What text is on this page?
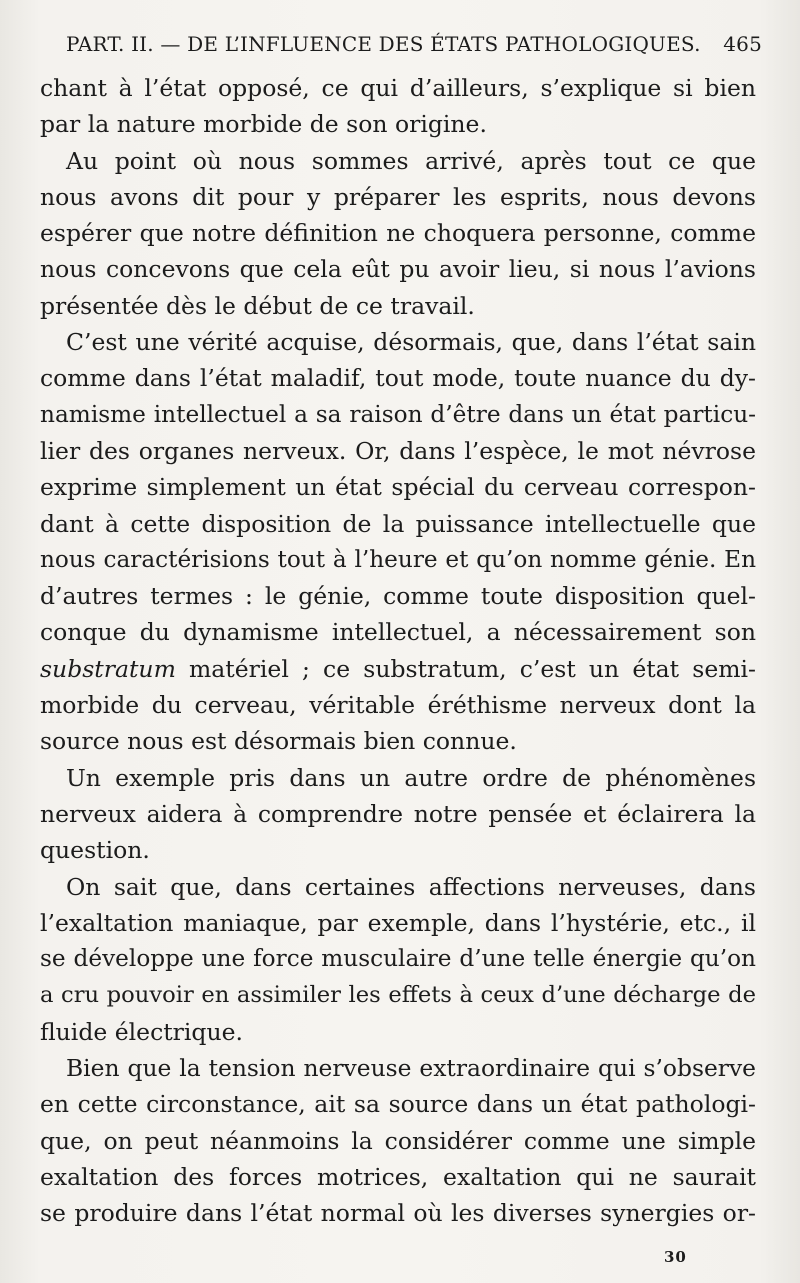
PART. II. — DE L’INFLUENCE DES ÉTATS PATHOLOGIQUES. 465
chant à l’état opposé, ce qui d’ailleurs, s’explique si bien
par la nature morbide de son origine.
Au point où nous sommes arrivé, après tout ce que
nous avons dit pour y préparer les esprits, nous devons
espérer que notre définition ne choquera personne, comme
nous concevons que cela eût pu avoir lieu, si nous l’avions
présentée dès le début de ce travail.
C’est une vérité acquise, désormais, que, dans l’état sain
comme dans l’état maladif, tout mode, toute nuance du dy-
namisme intellectuel a sa raison d’être dans un état particu-
lier des organes nerveux. Or, dans l’espèce, le mot névrose
exprime simplement un état spécial du cerveau correspon-
dant à cette disposition de la puissance intellectuelle que
nous caractérisions tout à l’heure et qu’on nomme génie. En
d’autres termes : le génie, comme toute disposition quel-
conque du dynamisme intellectuel, a nécessairement son
substratum matériel ; ce substratum, c’est un état semi-
morbide du cerveau, véritable éréthisme nerveux dont la
source nous est désormais bien connue.
Un exemple pris dans un autre ordre de phénomènes
nerveux aidera à comprendre notre pensée et éclairera la
question.
On sait que, dans certaines affections nerveuses, dans
l’exaltation maniaque, par exemple, dans l’hystérie, etc., il
se développe une force musculaire d’une telle énergie qu’on
a cru pouvoir en assimiler les effets à ceux d’une décharge de
fluide électrique.
Bien que la tension nerveuse extraordinaire qui s’observe
en cette circonstance, ait sa source dans un état pathologi-
que, on peut néanmoins la considérer comme une simple
exaltation des forces motrices, exaltation qui ne saurait
se produire dans l’état normal où les diverses synergies or-
30
